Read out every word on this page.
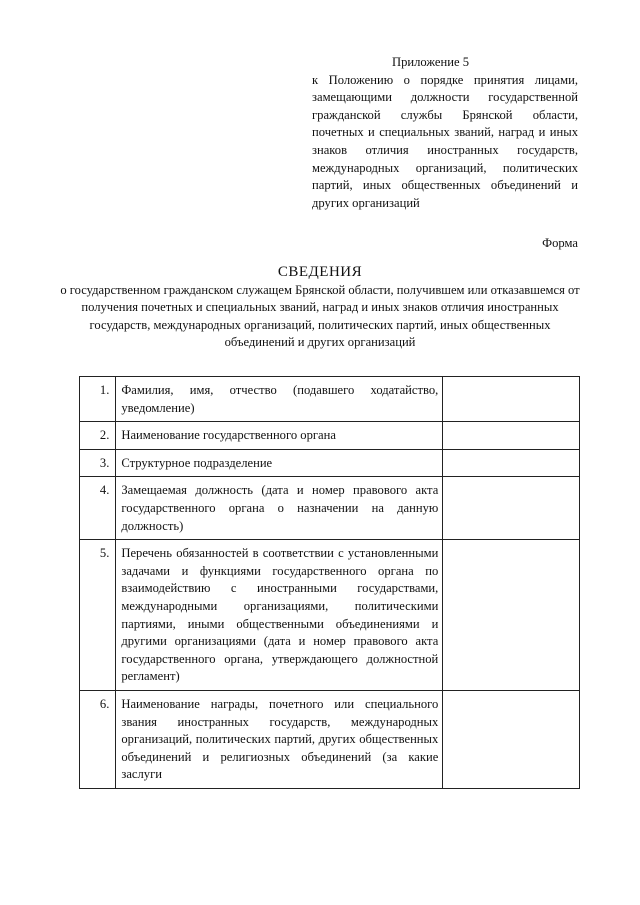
Приложение 5
к Положению о порядке принятия лицами, замещающими должности государственной гражданской службы Брянской области, почетных и специальных званий, наград и иных знаков отличия иностранных государств, международных организаций, политических партий, иных общественных объединений и других организаций
Форма
СВЕДЕНИЯ
о государственном гражданском служащем Брянской области, получившем или отказавшемся от получения почетных и специальных званий, наград и иных знаков отличия иностранных государств, международных организаций, политических партий, иных общественных объединений и других организаций
1.	Фамилия, имя, отчество (подавшего ходатайство, уведомление)	
2.	Наименование государственного органа	
3.	Структурное подразделение	
4.	Замещаемая должность (дата и номер правового акта государственного органа о назначении на данную должность)	
5.	Перечень обязанностей в соответствии с установленными задачами и функциями государственного органа по взаимодействию с иностранными государствами, международными организациями, политическими партиями, иными общественными объединениями и другими организациями (дата и номер правового акта государственного органа, утверждающего должностной регламент)	
6.	Наименование награды, почетного или специального звания иностранных государств, международных организаций, политических партий, других общественных объединений и религиозных объединений (за какие заслуги	
